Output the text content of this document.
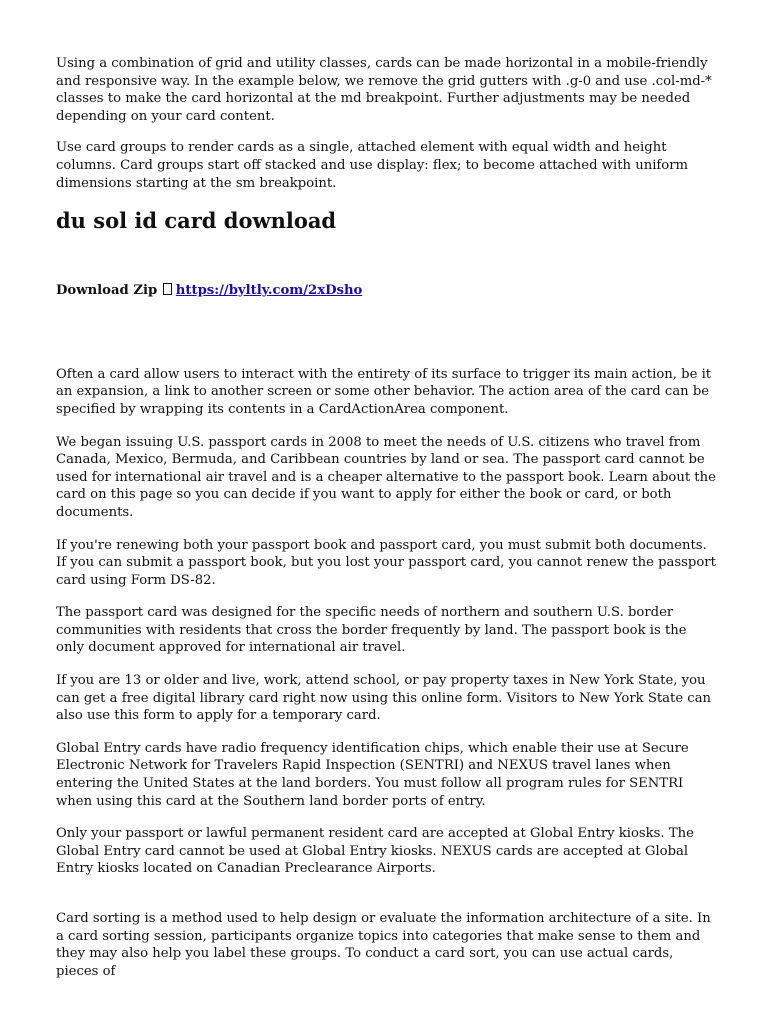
Using a combination of grid and utility classes, cards can be made horizontal in a mobile-friendly and responsive way. In the example below, we remove the grid gutters with .g-0 and use .col-md-* classes to make the card horizontal at the md breakpoint. Further adjustments may be needed depending on your card content.

Use card groups to render cards as a single, attached element with equal width and height columns. Card groups start off stacked and use display: flex; to become attached with uniform dimensions starting at the sm breakpoint.

du sol id card download
Download Zip https://byltly.com/2xDsho

Often a card allow users to interact with the entirety of its surface to trigger its main action, be it an expansion, a link to another screen or some other behavior. The action area of the card can be specified by wrapping its contents in a CardActionArea component.

We began issuing U.S. passport cards in 2008 to meet the needs of U.S. citizens who travel from Canada, Mexico, Bermuda, and Caribbean countries by land or sea. The passport card cannot be used for international air travel and is a cheaper alternative to the passport book. Learn about the card on this page so you can decide if you want to apply for either the book or card, or both documents.

If you're renewing both your passport book and passport card, you must submit both documents. If you can submit a passport book, but you lost your passport card, you cannot renew the passport card using Form DS-82.

The passport card was designed for the specific needs of northern and southern U.S. border communities with residents that cross the border frequently by land. The passport book is the only document approved for international air travel.

If you are 13 or older and live, work, attend school, or pay property taxes in New York State, you can get a free digital library card right now using this online form. Visitors to New York State can also use this form to apply for a temporary card.

Global Entry cards have radio frequency identification chips, which enable their use at Secure Electronic Network for Travelers Rapid Inspection (SENTRI) and NEXUS travel lanes when entering the United States at the land borders. You must follow all program rules for SENTRI when using this card at the Southern land border ports of entry.

Only your passport or lawful permanent resident card are accepted at Global Entry kiosks. The Global Entry card cannot be used at Global Entry kiosks. NEXUS cards are accepted at Global Entry kiosks located on Canadian Preclearance Airports.

Card sorting is a method used to help design or evaluate the information architecture of a site. In a card sorting session, participants organize topics into categories that make sense to them and they may also help you label these groups. To conduct a card sort, you can use actual cards, pieces of
